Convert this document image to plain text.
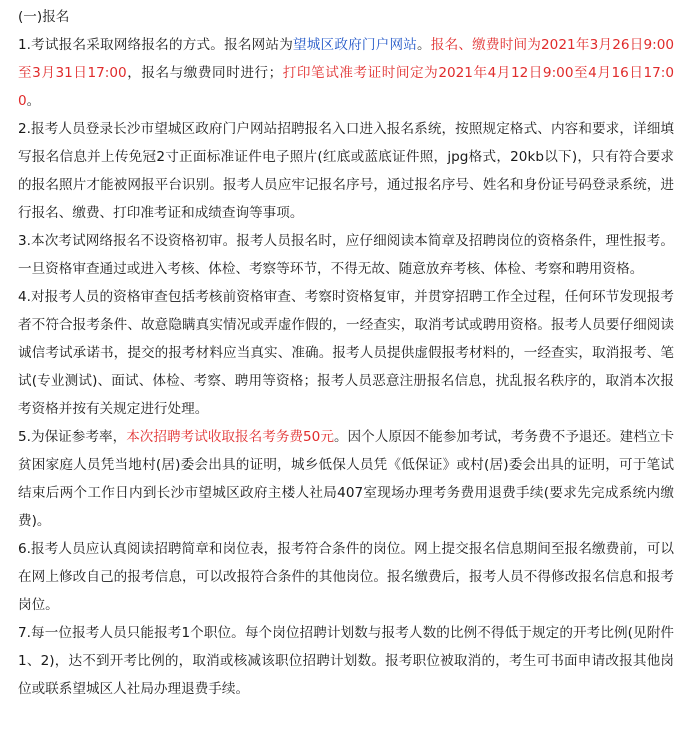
(一)报名

1.考试报名采取网络报名的方式。报名网站为望城区政府门户网站。报名、缴费时间为2021年3月26日9:00至3月31日17:00，报名与缴费同时进行；打印笔试准考证时间定为2021年4月12日9:00至4月16日17:00。

2.报考人员登录长沙市望城区政府门户网站招聘报名入口进入报名系统，按照规定格式、内容和要求，详细填写报名信息并上传免冠2寸正面标准证件电子照片(红底或蓝底证件照，jpg格式，20kb以下)，只有符合要求的报名照片才能被网报平台识别。报考人员应牢记报名序号，通过报名序号、姓名和身份证号码登录系统，进行报名、缴费、打印准考证和成绩查询等事项。

3.本次考试网络报名不设资格初审。报考人员报名时，应仔细阅读本简章及招聘岗位的资格条件，理性报考。一旦资格审查通过或进入考核、体检、考察等环节，不得无故、随意放弃考核、体检、考察和聘用资格。

4.对报考人员的资格审查包括考核前资格审查、考察时资格复审，并贯穿招聘工作全过程，任何环节发现报考者不符合报考条件、故意隐瞒真实情况或弄虚作假的，一经查实，取消考试或聘用资格。报考人员要仔细阅读诚信考试承诺书，提交的报考材料应当真实、准确。报考人员提供虚假报考材料的，一经查实，取消报考、笔试(专业测试)、面试、体检、考察、聘用等资格；报考人员恶意注册报名信息，扰乱报名秩序的，取消本次报考资格并按有关规定进行处理。

5.为保证参考率，本次招聘考试收取报名考务费50元。因个人原因不能参加考试，考务费不予退还。建档立卡贫困家庭人员凭当地村(居)委会出具的证明，城乡低保人员凭《低保证》或村(居)委会出具的证明，可于笔试结束后两个工作日内到长沙市望城区政府主楼人社局407室现场办理考务费用退费手续(要求先完成系统内缴费)。

6.报考人员应认真阅读招聘简章和岗位表，报考符合条件的岗位。网上提交报名信息期间至报名缴费前，可以在网上修改自己的报考信息，可以改报符合条件的其他岗位。报名缴费后，报考人员不得修改报名信息和报考岗位。

7.每一位报考人员只能报考1个职位。每个岗位招聘计划数与报考人数的比例不得低于规定的开考比例(见附件1、2)，达不到开考比例的，取消或核减该职位招聘计划数。报考职位被取消的，考生可书面申请改报其他岗位或联系望城区人社局办理退费手续。
